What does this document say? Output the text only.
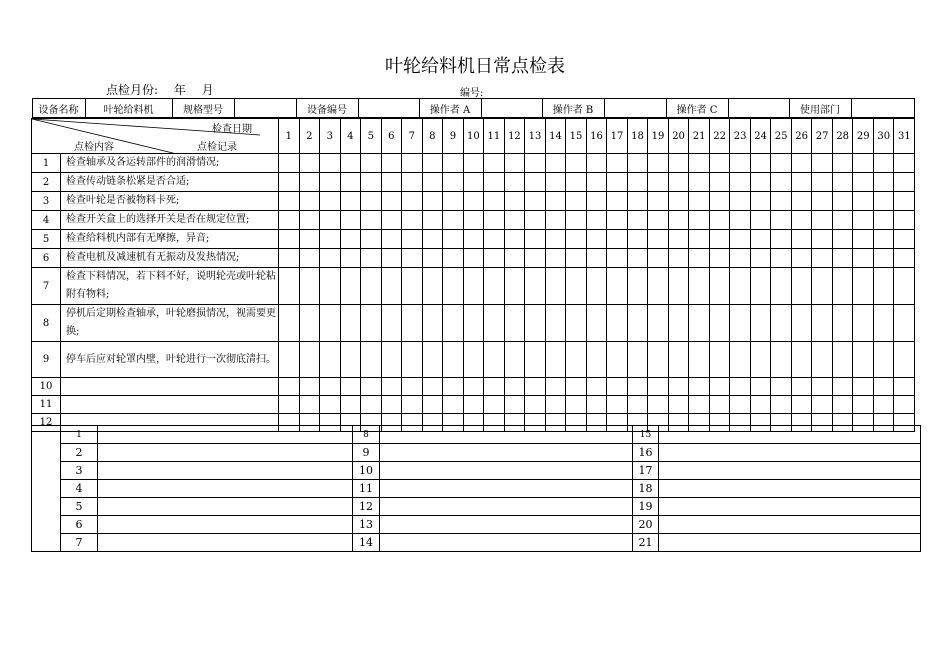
叶轮给料机日常点检表
点检月份: 年 月	编号:
设备名称	叶轮给料机	规格型号		设备编号		操作者 A		操作者 B		操作者 C		使用部门	

检查日期
点检内容	点检记录
	1	2	3	4	5	6	7	8	9	10	11	12	13	14	15	16	17	18	19	20	21	22	23	24	25	26	27	28	29	30	31
1	检查轴承及各运转部件的润滑情况;																															
2	检查传动链条松紧是否合适;																															
3	检查叶轮是否被物料卡死;																															
4	检查开关盒上的选择开关是否在规定位置;																															
5	检查给料机内部有无摩擦，异音;																															
6	检查电机及减速机有无振动及发热情况;																															
7	检查下料情况，若下料不好，说明轮壳或叶轮粘附有物料;																															
8	停机后定期检查轴承，叶轮磨损情况，视需要更换;																															
9	停车后应对轮罩内壁，叶轮进行一次彻底清扫。																															
10																																
11																																
12																																
	1		8		15	
	2		9		16	
	3		10		17	
	4		11		18	
	5		12		19	
	6		13		20	
	7		14		21	
